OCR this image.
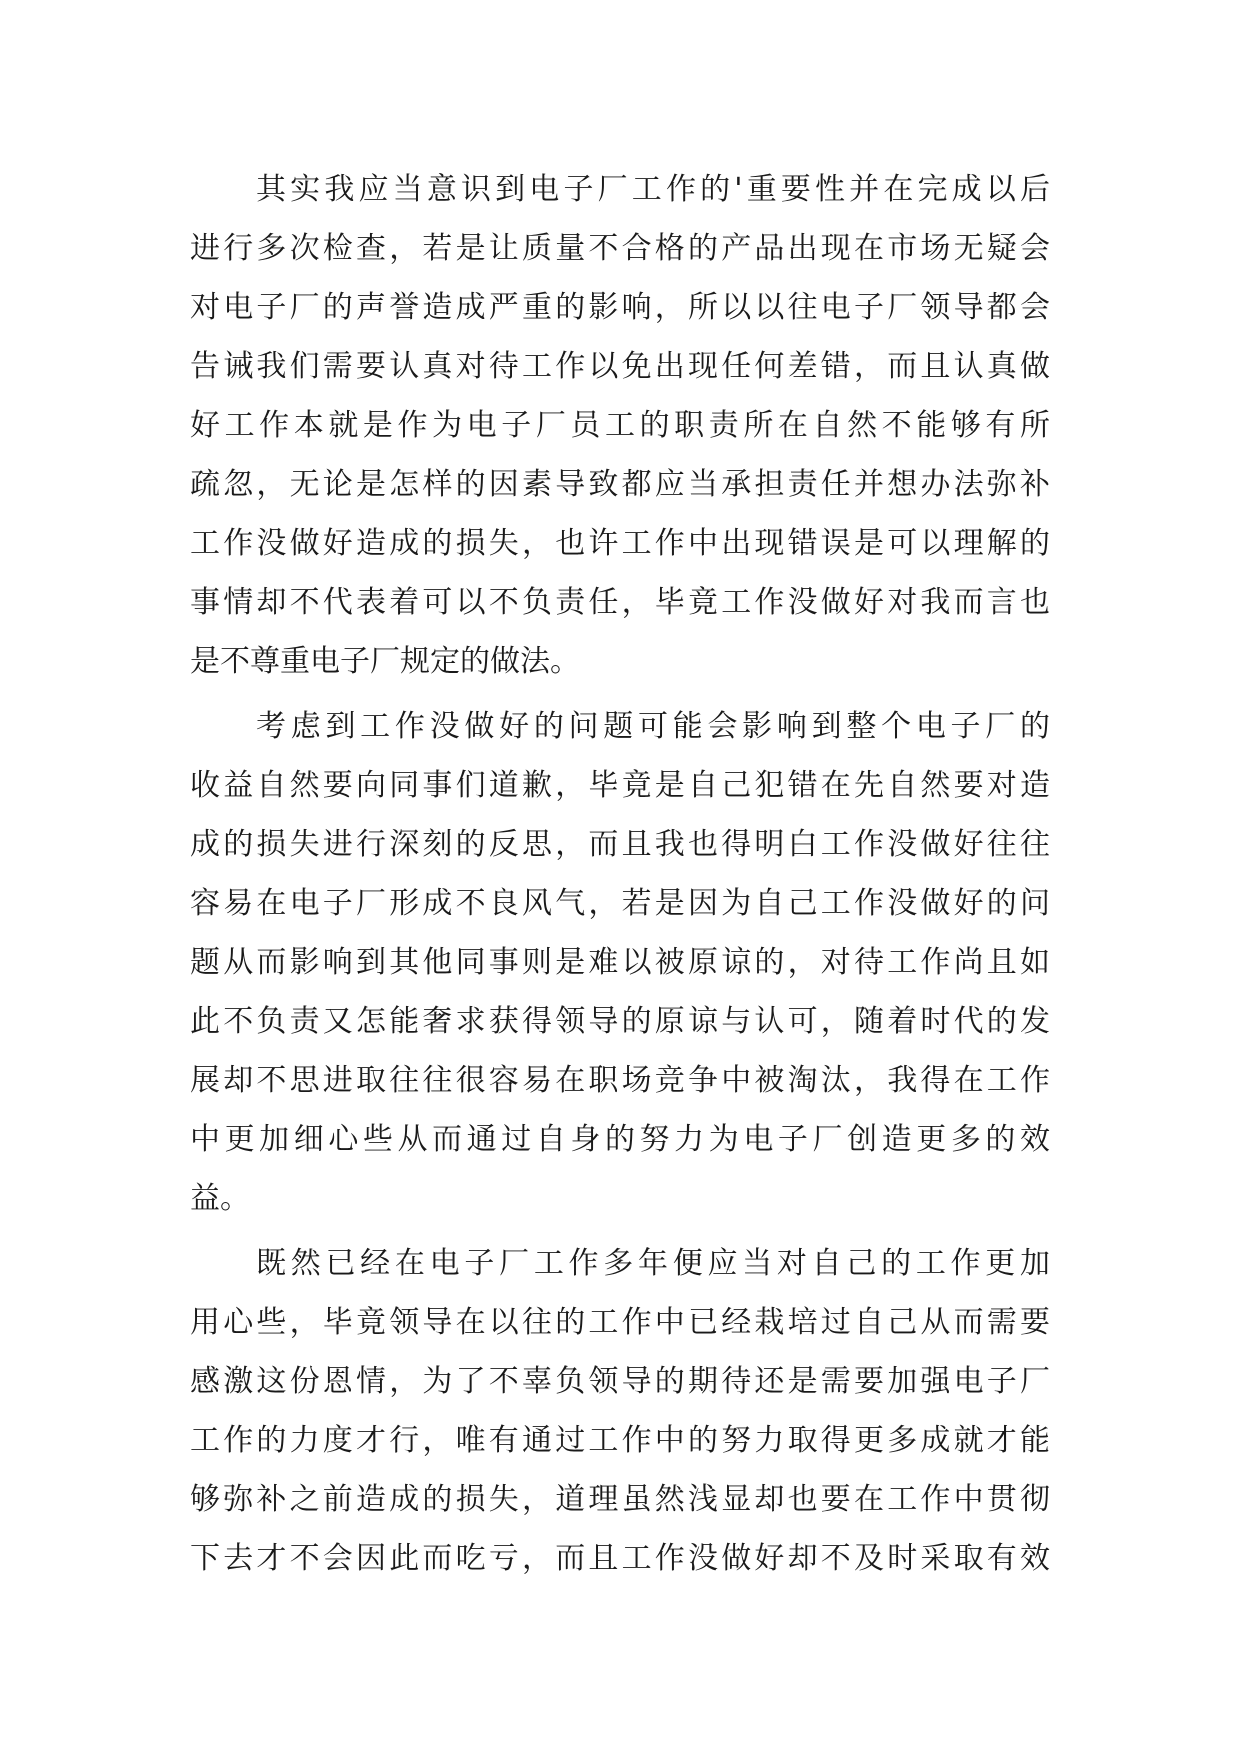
其实我应当意识到电子厂工作的'重要性并在完成以后
进行多次检查，若是让质量不合格的产品出现在市场无疑会
对电子厂的声誉造成严重的影响，所以以往电子厂领导都会
告诫我们需要认真对待工作以免出现任何差错，而且认真做
好工作本就是作为电子厂员工的职责所在自然不能够有所
疏忽，无论是怎样的因素导致都应当承担责任并想办法弥补
工作没做好造成的损失，也许工作中出现错误是可以理解的
事情却不代表着可以不负责任，毕竟工作没做好对我而言也
是不尊重电子厂规定的做法。
考虑到工作没做好的问题可能会影响到整个电子厂的
收益自然要向同事们道歉，毕竟是自己犯错在先自然要对造
成的损失进行深刻的反思，而且我也得明白工作没做好往往
容易在电子厂形成不良风气，若是因为自己工作没做好的问
题从而影响到其他同事则是难以被原谅的，对待工作尚且如
此不负责又怎能奢求获得领导的原谅与认可，随着时代的发
展却不思进取往往很容易在职场竞争中被淘汰，我得在工作
中更加细心些从而通过自身的努力为电子厂创造更多的效
益。
既然已经在电子厂工作多年便应当对自己的工作更加
用心些，毕竟领导在以往的工作中已经栽培过自己从而需要
感激这份恩情，为了不辜负领导的期待还是需要加强电子厂
工作的力度才行，唯有通过工作中的努力取得更多成就才能
够弥补之前造成的损失，道理虽然浅显却也要在工作中贯彻
下去才不会因此而吃亏，而且工作没做好却不及时采取有效
